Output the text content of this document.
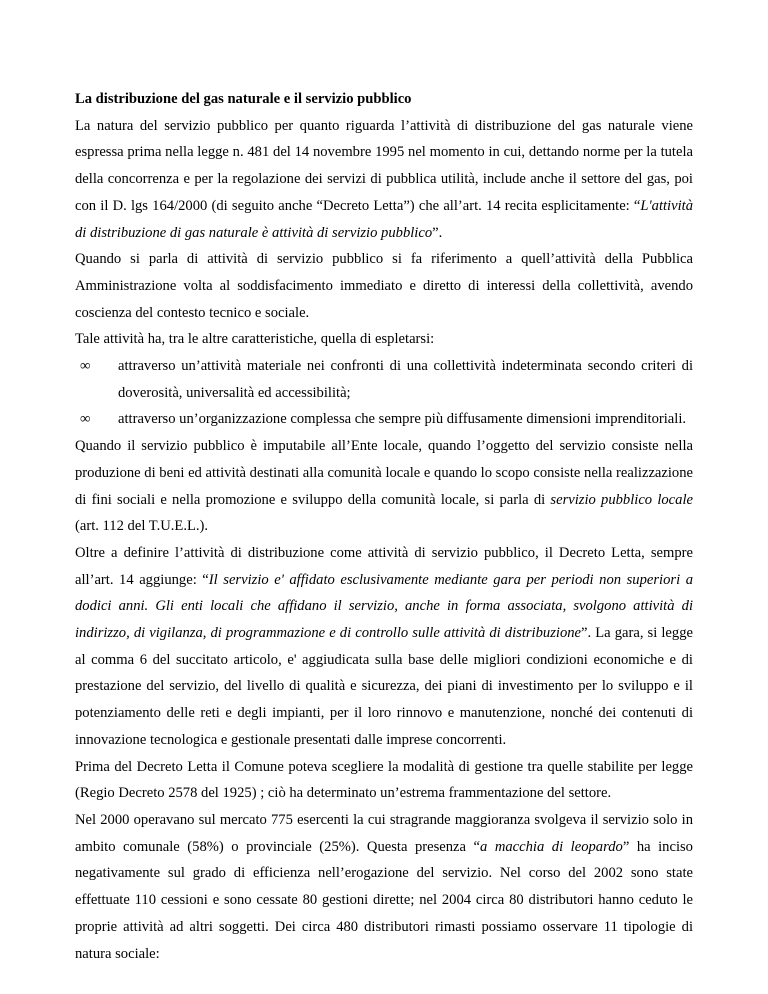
La distribuzione del gas naturale e il servizio pubblico

La natura del servizio pubblico per quanto riguarda l’attività di distribuzione del gas naturale viene espressa prima nella legge n. 481 del 14 novembre 1995 nel momento in cui, dettando norme per la tutela della concorrenza e per la regolazione dei servizi di pubblica utilità, include anche il settore del gas, poi con il D. lgs 164/2000 (di seguito anche “Decreto Letta”) che all’art. 14 recita esplicitamente: “L'attività di distribuzione di gas naturale è attività di servizio pubblico”.

Quando si parla di attività di servizio pubblico si fa riferimento a quell’attività della Pubblica Amministrazione volta al soddisfacimento immediato e diretto di interessi della collettività, avendo coscienza del contesto tecnico e sociale.

Tale attività ha, tra le altre caratteristiche, quella di espletarsi:

∞ attraverso un’attività materiale nei confronti di una collettività indeterminata secondo criteri di doverosità, universalità ed accessibilità;
∞ attraverso un’organizzazione complessa che sempre più diffusamente dimensioni imprenditoriali.

Quando il servizio pubblico è imputabile all’Ente locale, quando l’oggetto del servizio consiste nella produzione di beni ed attività destinati alla comunità locale e quando lo scopo consiste nella realizzazione di fini sociali e nella promozione e sviluppo della comunità locale, si parla di servizio pubblico locale (art. 112 del T.U.E.L.).

Oltre a definire l’attività di distribuzione come attività di servizio pubblico, il Decreto Letta, sempre all’art. 14 aggiunge: “Il servizio e' affidato esclusivamente mediante gara per periodi non superiori a dodici anni. Gli enti locali che affidano il servizio, anche in forma associata, svolgono attività di indirizzo, di vigilanza, di programmazione e di controllo sulle attività di distribuzione”. La gara, si legge al comma 6 del succitato articolo, e' aggiudicata sulla base delle migliori condizioni economiche e di prestazione del servizio, del livello di qualità e sicurezza, dei piani di investimento per lo sviluppo e il potenziamento delle reti e degli impianti, per il loro rinnovo e manutenzione, nonché dei contenuti di innovazione tecnologica e gestionale presentati dalle imprese concorrenti.

Prima del Decreto Letta il Comune poteva scegliere la modalità di gestione tra quelle stabilite per legge (Regio Decreto 2578 del 1925) ; ciò ha determinato un’estrema frammentazione del settore.

Nel 2000 operavano sul mercato 775 esercenti la cui stragrande maggioranza svolgeva il servizio solo in ambito comunale (58%) o provinciale (25%). Questa presenza “a macchia di leopardo” ha inciso negativamente sul grado di efficienza nell’erogazione del servizio. Nel corso del 2002 sono state effettuate 110 cessioni e sono cessate 80 gestioni dirette; nel 2004 circa 80 distributori hanno ceduto le proprie attività ad altri soggetti. Dei circa 480 distributori rimasti possiamo osservare 11 tipologie di natura sociale:
